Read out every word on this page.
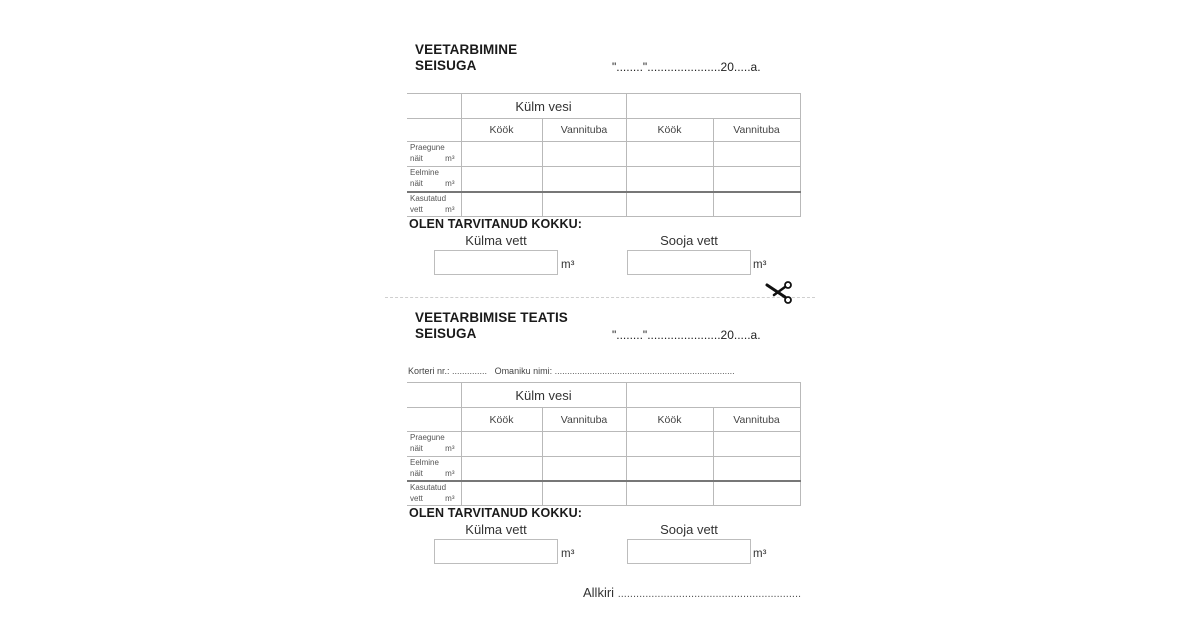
VEETARBIMINE
SEISUGA	"........"......................20.....a.
	Külm vesi			
	Köök	Vannituba	Köök	Vannituba
Praegune
näit m³				

Eelmine
näit m³				

Kasutatud
vett m³				

OLEN TARVITANUD KOKKU:
Külma vett	Sooja vett
m³	m³
VEETARBIMISE TEATIS
SEISUGA	"........"......................20.....a.
Korteri nr.: .............. Omaniku nimi: ........................................................................
	Külm vesi			
	Köök	Vannituba	Köök	Vannituba
Praegune
näit m³				

Eelmine
näit m³				

Kasutatud
vett m³				

OLEN TARVITANUD KOKKU:
Külma vett	Sooja vett
m³	m³
Allkiri ............................................................
